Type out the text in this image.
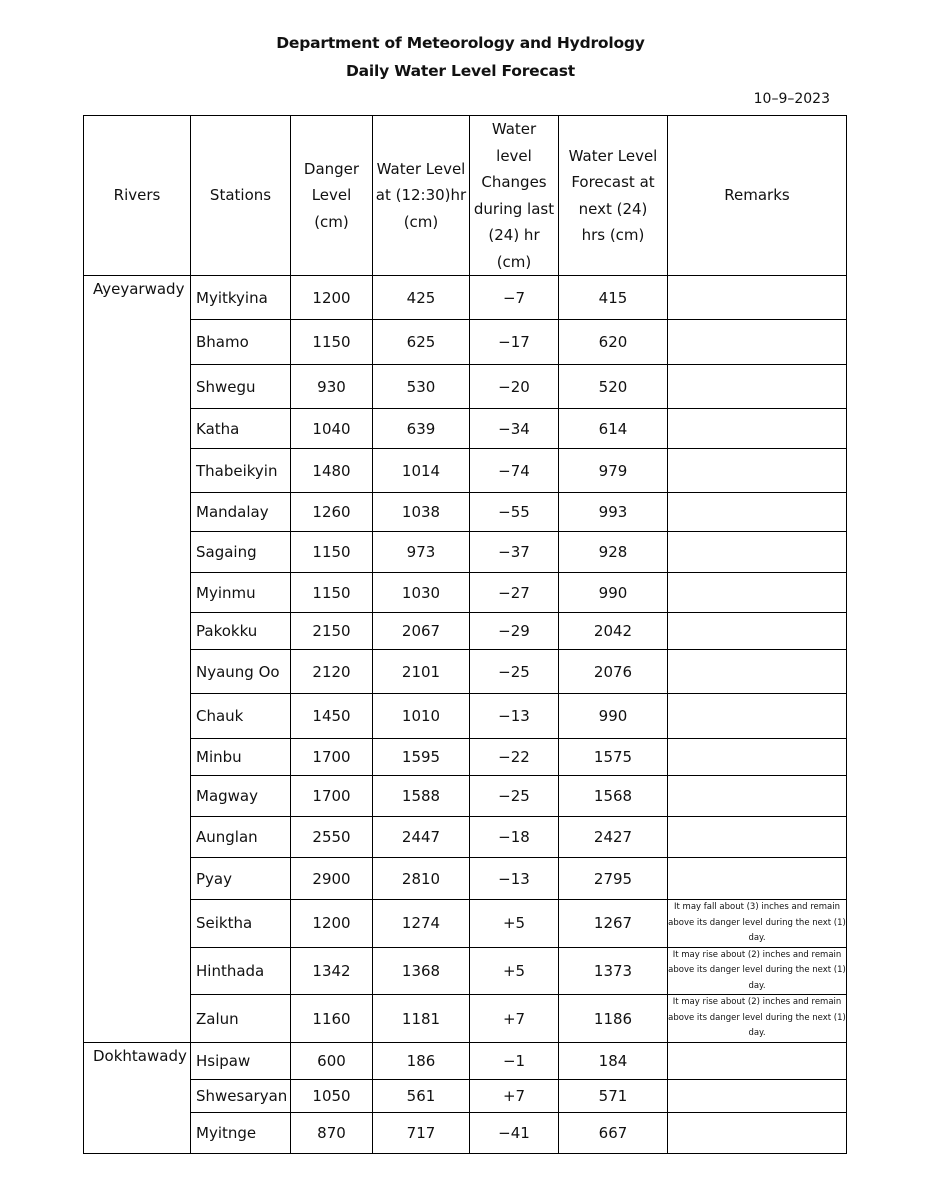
Department of Meteorology and Hydrology
Daily Water Level Forecast
10–9–2023
Rivers	Stations	Danger Level (cm)	Water Level at (12:30)hr (cm)	Water level Changes during last (24) hr (cm)	Water Level Forecast at next (24) hrs (cm)	Remarks
Ayeyarwady	Myitkyina	1200	425	−7	415	
	Bhamo	1150	625	−17	620	
	Shwegu	930	530	−20	520	
	Katha	1040	639	−34	614	
	Thabeikyin	1480	1014	−74	979	
	Mandalay	1260	1038	−55	993	
	Sagaing	1150	973	−37	928	
	Myinmu	1150	1030	−27	990	
	Pakokku	2150	2067	−29	2042	
	Nyaung Oo	2120	2101	−25	2076	
	Chauk	1450	1010	−13	990	
	Minbu	1700	1595	−22	1575	
	Magway	1700	1588	−25	1568	
	Aunglan	2550	2447	−18	2427	
	Pyay	2900	2810	−13	2795	
	Seiktha	1200	1274	+5	1267	It may fall about (3) inches and remain above its danger level during the next (1) day.
	Hinthada	1342	1368	+5	1373	It may rise about (2) inches and remain above its danger level during the next (1) day.
	Zalun	1160	1181	+7	1186	It may rise about (2) inches and remain above its danger level during the next (1) day.
Dokhtawady	Hsipaw	600	186	−1	184	
	Shwesaryan	1050	561	+7	571	
	Myitnge	870	717	−41	667	
